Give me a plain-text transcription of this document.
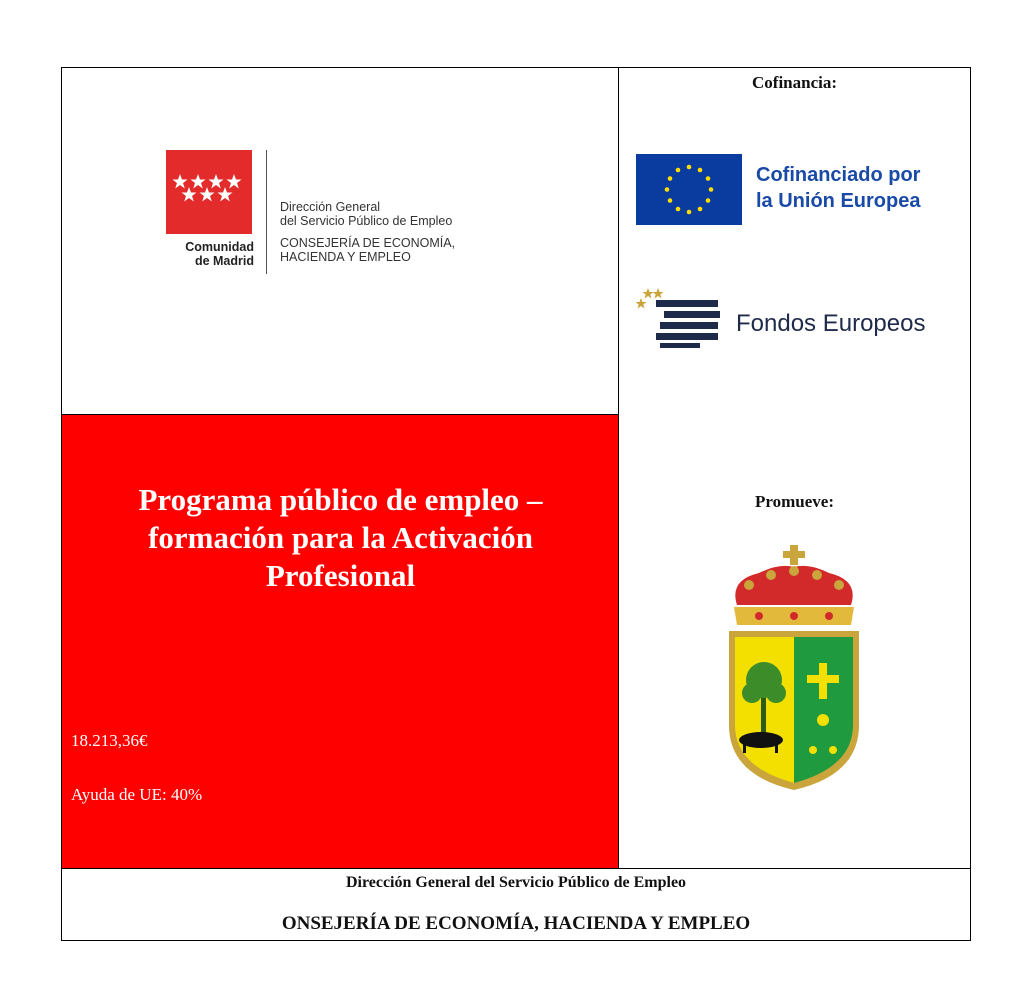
Comunidad
de Madrid
Dirección General
del Servicio Público de Empleo
CONSEJERÍA DE ECONOMÍA,
HACIENDA Y EMPLEO
Programa público de empleo –
formación para la Activación
Profesional
18.213,36€
Ayuda de UE: 40%
Cofinancia:
Cofinanciado por
la Unión Europea
Fondos Europeos
Promueve:
Dirección General del Servicio Público de Empleo
ONSEJERÍA DE ECONOMÍA, HACIENDA Y EMPLEO
